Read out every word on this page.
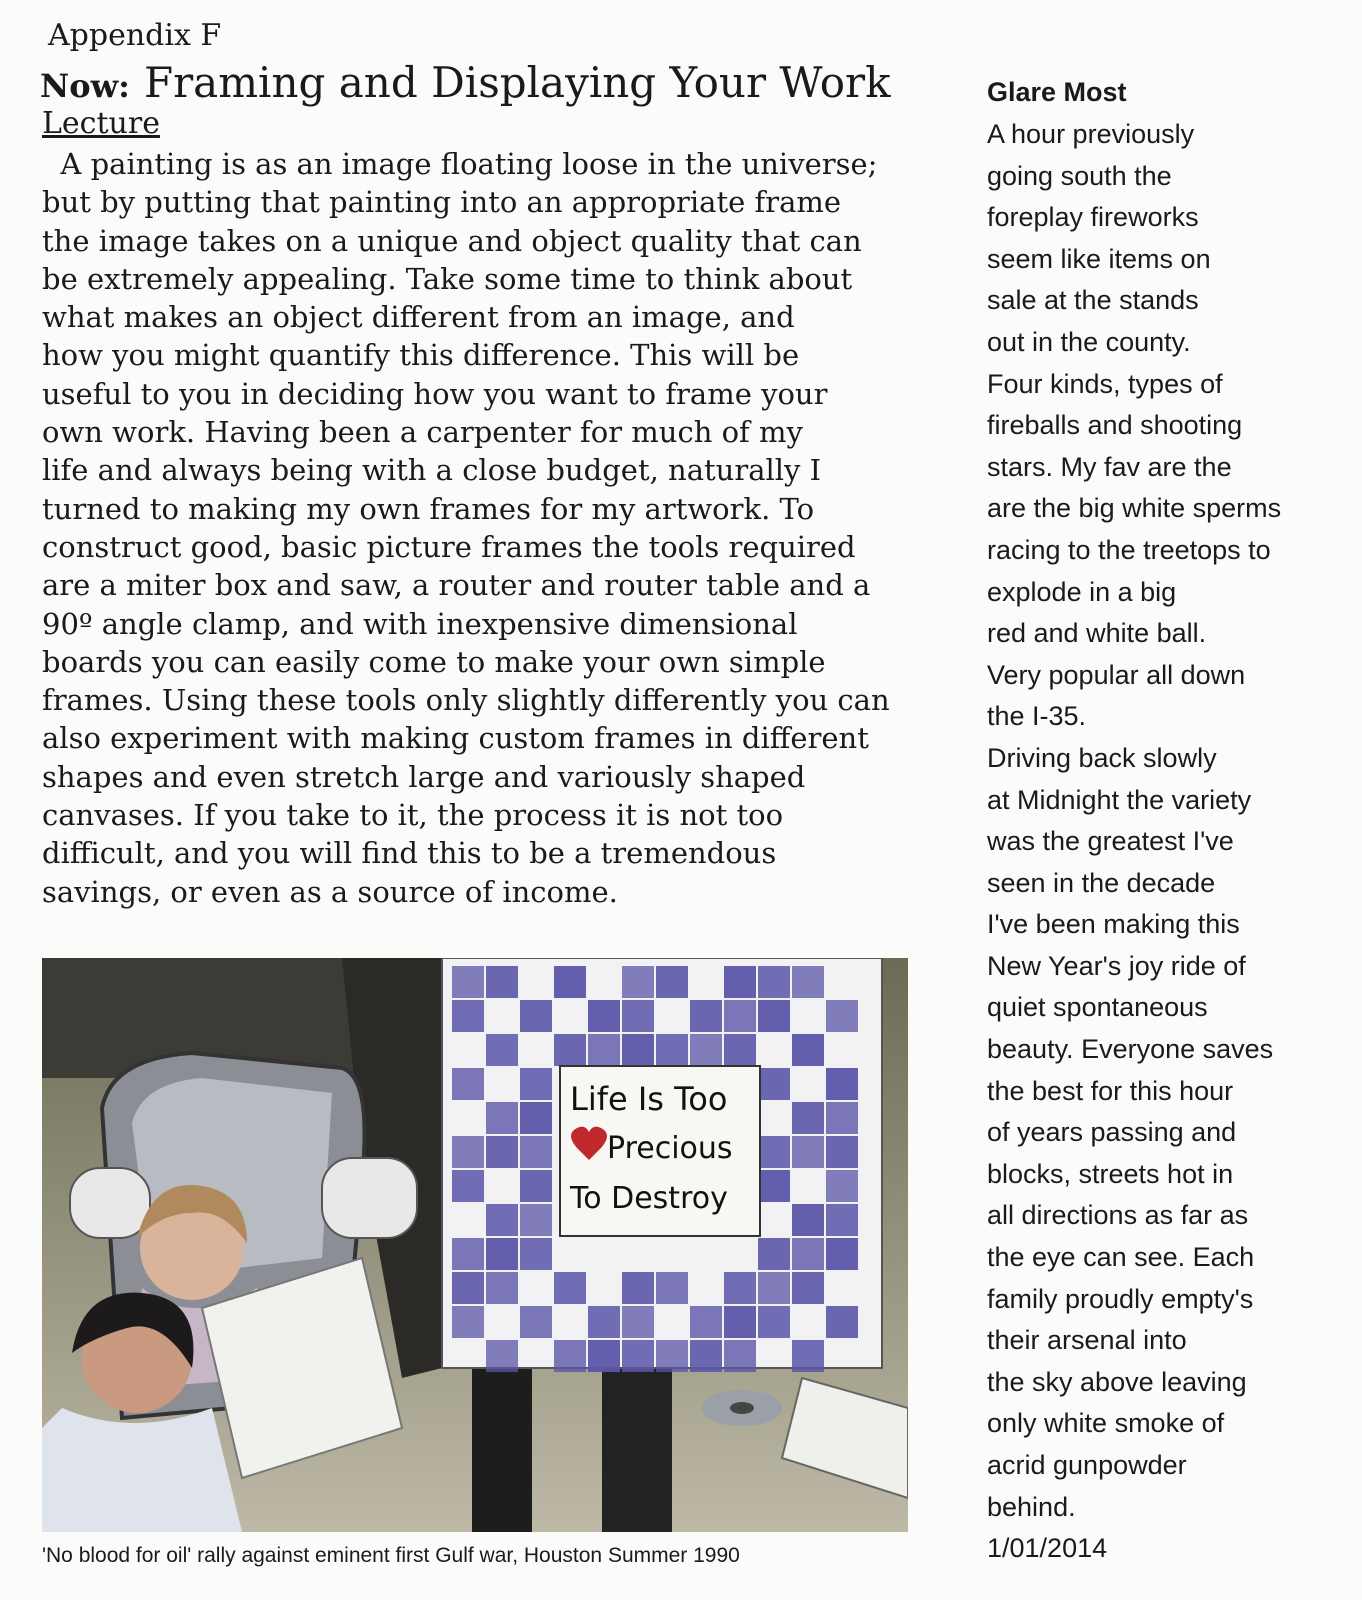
Appendix F
Now: Framing and Displaying Your Work
Lecture
A painting is as an image floating loose in the universe;
but by putting that painting into an appropriate frame
the image takes on a unique and object quality that can
be extremely appealing. Take some time to think about
what makes an object different from an image, and
how you might quantify this difference. This will be
useful to you in deciding how you want to frame your
own work. Having been a carpenter for much of my
life and always being with a close budget, naturally I
turned to making my own frames for my artwork. To
construct good, basic picture frames the tools required
are a miter box and saw, a router and router table and a
90º angle clamp, and with inexpensive dimensional
boards you can easily come to make your own simple
frames. Using these tools only slightly differently you can
also experiment with making custom frames in different
shapes and even stretch large and variously shaped
canvases. If you take to it, the process it is not too
difficult, and you will find this to be a tremendous
savings, or even as a source of income.
Life Is Too
Precious
To Destroy
'No blood for oil' rally against eminent first Gulf war, Houston Summer 1990
Glare Most
A hour previously
going south the
foreplay fireworks
seem like items on
sale at the stands
out in the county.
Four kinds, types of
fireballs and shooting
stars. My fav are the
are the big white sperms
racing to the treetops to
explode in a big
red and white ball.
Very popular all down
the I-35.
Driving back slowly
at Midnight the variety
was the greatest I've
seen in the decade
I've been making this
New Year's joy ride of
quiet spontaneous
beauty. Everyone saves
the best for this hour
of years passing and
blocks, streets hot in
all directions as far as
the eye can see. Each
family proudly empty's
their arsenal into
the sky above leaving
only white smoke of
acrid gunpowder
behind.
1/01/2014
